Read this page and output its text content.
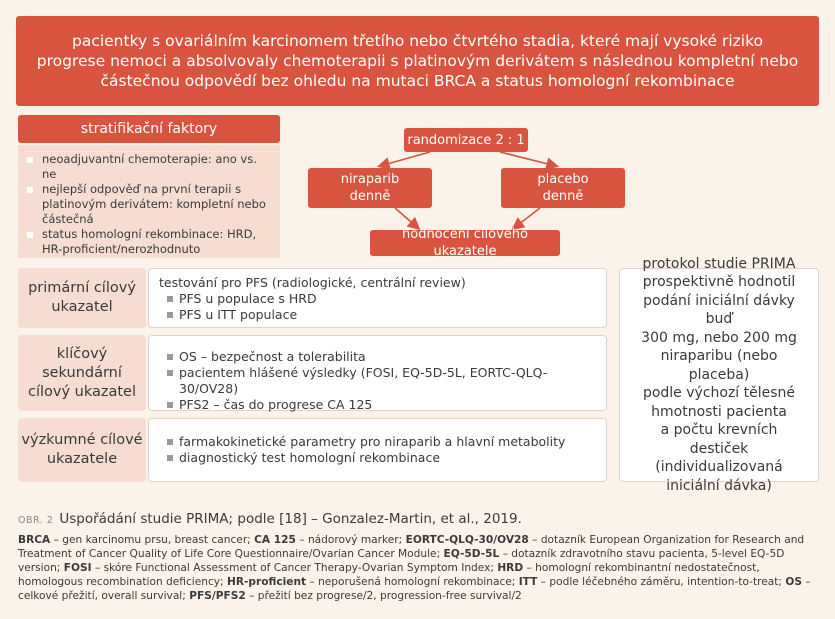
pacientky s ovariálním karcinomem třetího nebo čtvrtého stadia, které mají vysoké riziko progrese nemoci a absolvovaly chemoterapii s platinovým derivátem s následnou kompletní nebo částečnou odpovědí bez ohledu na mutaci BRCA a status homologní rekombinace
stratifikační faktory
neoadjuvantní chemoterapie: ano vs. ne
nejlepší odpověď na první terapii s platinovým derivátem: kompletní nebo částečná
status homologní rekombinace: HRD, HR-proficient/nerozhodnuto
randomizace 2 : 1
niraparib
denně
placebo
denně
hodnocení cílového ukazatele
primární cílový
ukazatel
testování pro PFS (radiologické, centrální review)
PFS u populace s HRD
PFS u ITT populace
klíčový
sekundární
cílový ukazatel
OS – bezpečnost a tolerabilita
pacientem hlášené výsledky (FOSI, EQ-5D-5L, EORTC-QLQ-30/OV28)
PFS2 – čas do progrese CA 125
výzkumné cílové
ukazatele
farmakokinetické parametry pro niraparib a hlavní metabolity
diagnostický test homologní rekombinace
protokol studie PRIMA
prospektivně hodnotil
podání iniciální dávky buď
300 mg, nebo 200 mg
niraparibu (nebo placeba)
podle výchozí tělesné
hmotnosti pacienta
a počtu krevních destiček
(individualizovaná
iniciální dávka)
OBR. 2 Uspořádání studie PRIMA; podle [18] – Gonzalez-Martin, et al., 2019.
BRCA – gen karcinomu prsu, breast cancer; CA 125 – nádorový marker; EORTC-QLQ-30/OV28 – dotazník European Organization for Research and Treatment of Cancer Quality of Life Core Questionnaire/Ovarian Cancer Module; EQ-5D-5L – dotazník zdravotního stavu pacienta, 5-level EQ-5D version; FOSI – skóre Functional Assessment of Cancer Therapy-Ovarian Symptom Index; HRD – homologní rekombinantní nedostatečnost, homologous recombination deficiency; HR-proficient – neporušená homologní rekombinace; ITT – podle léčebného záměru, intention-to-treat; OS – celkové přežití, overall survival; PFS/PFS2 – přežití bez progrese/2, progression-free survival/2
